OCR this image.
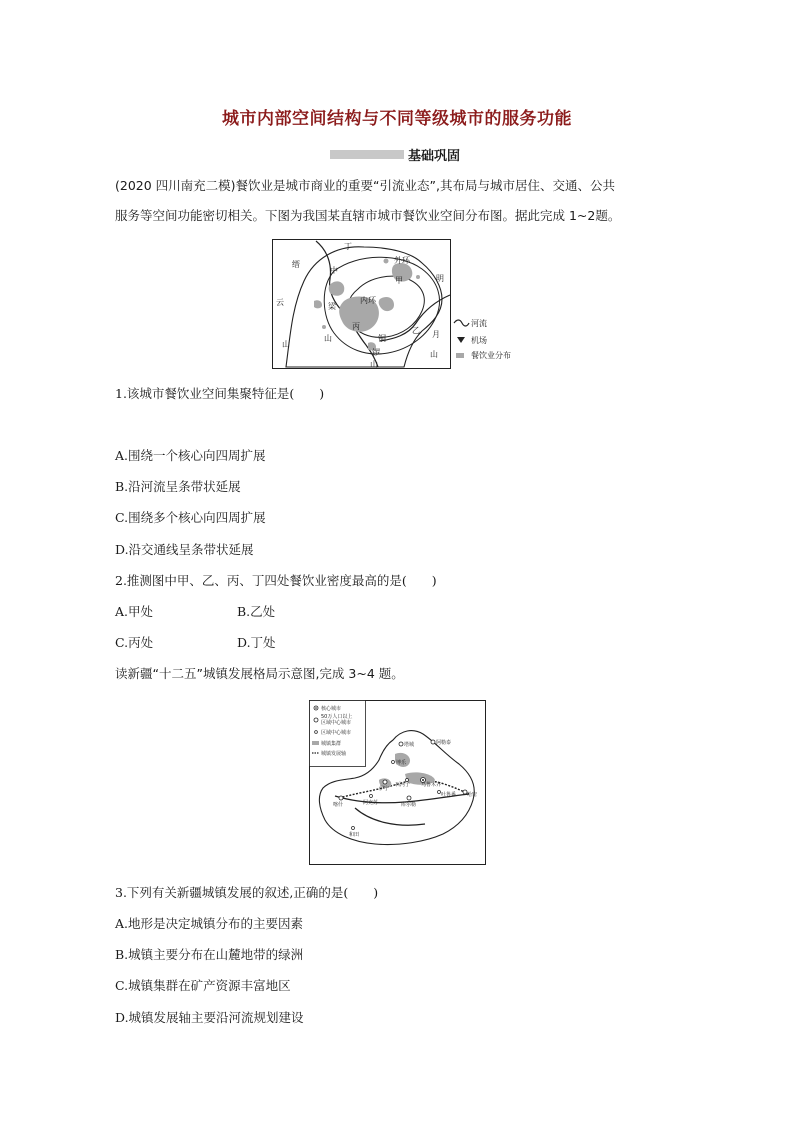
城市内部空间结构与不同等级城市的服务功能
基础巩固
(2020 四川南充二模)餐饮业是城市商业的重要“引流业态”,其布局与城市居住、交通、公共
服务等空间功能密切相关。下图为我国某直辖市城市餐饮业空间分布图。据此完成 1~2题。
丁
甲
乙
丙
外环
内环
缙
中
梁
山
云
山
明
月
山
铜
锣
山
河流
机场
餐饮业分布
1.该城市餐饮业空间集聚特征是(　　)
A.围绕一个核心向四周扩展
B.沿河流呈条带状延展
C.围绕多个核心向四周扩展
D.沿交通线呈条带状延展
2.推测图中甲、乙、丙、丁四处餐饮业密度最高的是(　　)
A.甲处	B.乙处
C.丙处	D.丁处
读新疆“十二五”城镇发展格局示意图,完成 3~4 题。
核心城市
50万人口以上
区域中心城市
区域中心城市
城镇集群
城镇发展轴
塔城	阿勒泰
博乐
伊宁
石河子 乌鲁木齐
哈密
吐鲁番
喀什	阿克苏	库尔勒
和田
3.下列有关新疆城镇发展的叙述,正确的是(　　)
A.地形是决定城镇分布的主要因素
B.城镇主要分布在山麓地带的绿洲
C.城镇集群在矿产资源丰富地区
D.城镇发展轴主要沿河流规划建设
